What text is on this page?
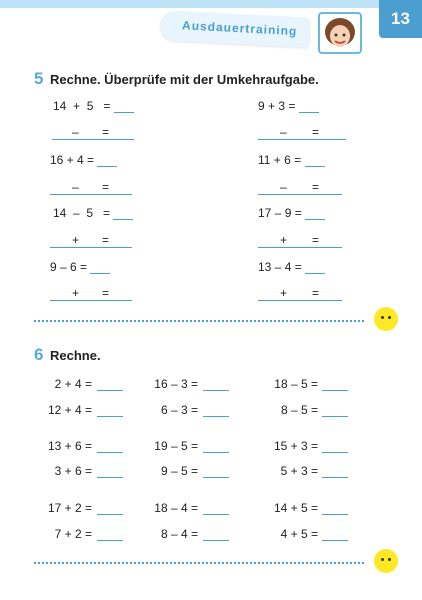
Ausdauertraining	13
5 Rechne. Überprüfe mit der Umkehraufgabe.
14  +  5   =
– =
16 + 4 =
– =
14  –  5   =
+ =
9 – 6 =
+ =
9 + 3 =
– =
11 + 6 =
– =
17 – 9 =
+ =
13 – 4 =
+ =
6 Rechne.
2 + 4 =
12 + 4 =
13 + 6 =
3 + 6 =
17 + 2 =
7 + 2 =
16 – 3 =
6 – 3 =
19 – 5 =
9 – 5 =
18 – 4 =
8 – 4 =
18 – 5 =
8 – 5 =
15 + 3 =
5 + 3 =
14 + 5 =
4 + 5 =
